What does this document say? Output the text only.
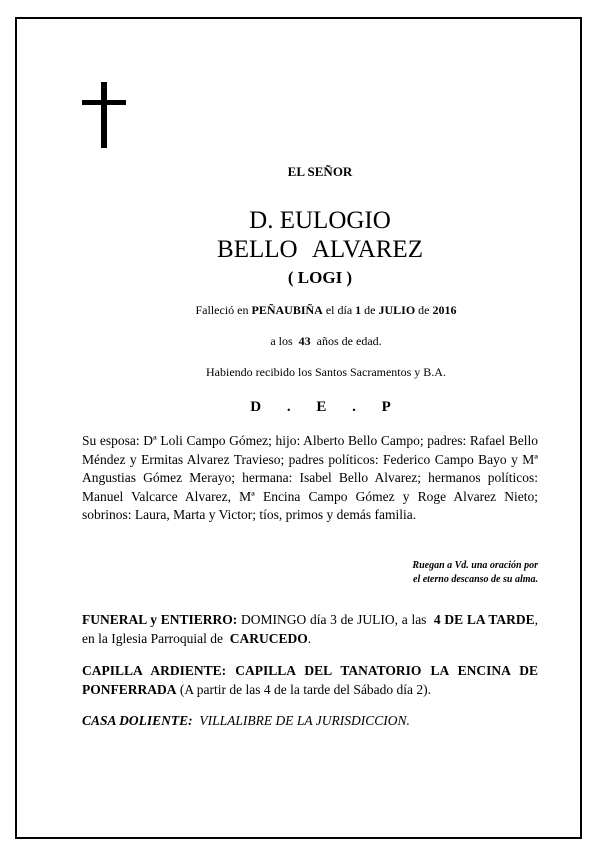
EL SEÑOR
D. EULOGIO
BELLO ALVAREZ
( LOGI )
Falleció en PEÑAUBIÑA el día 1 de JULIO de 2016
a los 43 años de edad.
Habiendo recibido los Santos Sacramentos y B.A.
D . E . P
Su esposa: Dª Loli Campo Gómez; hijo: Alberto Bello Campo; padres: Rafael Bello Méndez y Ermitas Alvarez Travieso; padres políticos: Federico Campo Bayo y Mª Angustias Gómez Merayo; hermana: Isabel Bello Alvarez; hermanos políticos: Manuel Valcarce Alvarez, Mª Encina Campo Gómez y Roge Alvarez Nieto; sobrinos: Laura, Marta y Victor; tíos, primos y demás familia.
Ruegan a Vd. una oración por
el eterno descanso de su alma.
FUNERAL y ENTIERRO: DOMINGO día 3 de JULIO, a las 4 DE LA TARDE, en la Iglesia Parroquial de CARUCEDO.
CAPILLA ARDIENTE: CAPILLA DEL TANATORIO LA ENCINA DE PONFERRADA (A partir de las 4 de la tarde del Sábado día 2).
CASA DOLIENTE: VILLALIBRE DE LA JURISDICCION.
